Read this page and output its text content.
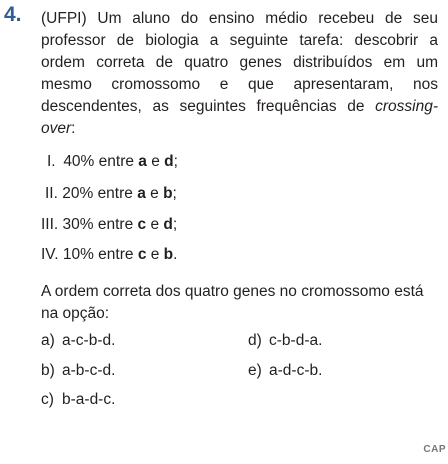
4. (UFPI) Um aluno do ensino médio recebeu de seu professor de biologia a seguinte tarefa: descobrir a ordem correta de quatro genes distribuídos em um mesmo cromossomo e que apresentaram, nos descendentes, as seguintes frequências de crossing-over:
I. 40% entre a e d;
II. 20% entre a e b;
III. 30% entre c e d;
IV. 10% entre c e b.
A ordem correta dos quatro genes no cromossomo está na opção:
a) a-c-b-d.
b) a-b-c-d.
c) b-a-d-c.
d) c-b-d-a.
e) a-d-c-b.
CAP
